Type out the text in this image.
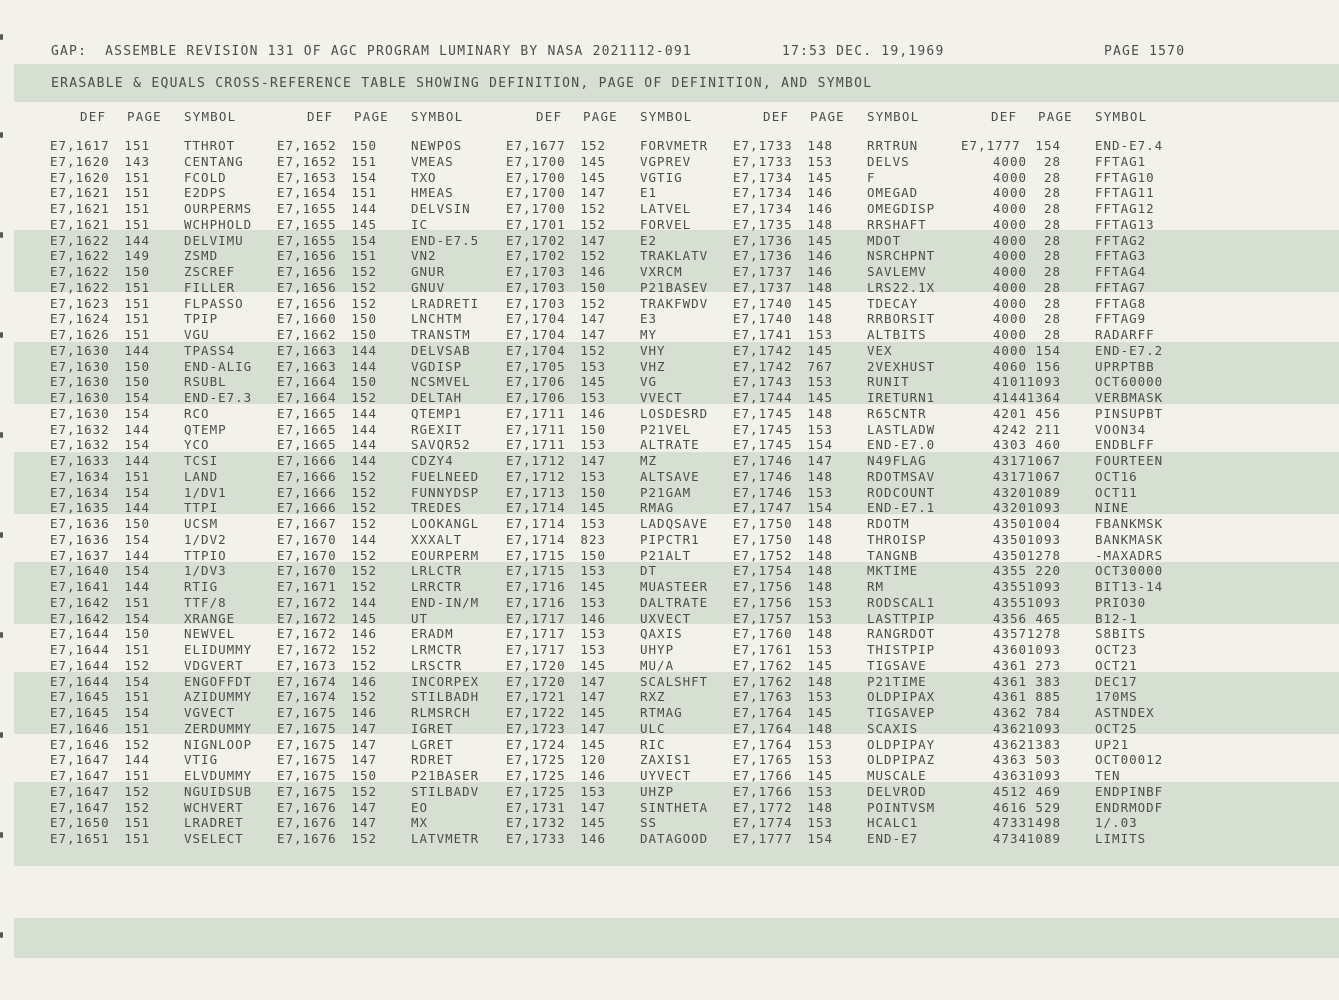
GAP:  ASSEMBLE REVISION 131 OF AGC PROGRAM LUMINARY BY NASA 2021112-091	17:53 DEC. 19,1969	PAGE 1570
ERASABLE & EQUALS CROSS-REFERENCE TABLE SHOWING DEFINITION, PAGE OF DEFINITION, AND SYMBOL
DEF PAGE SYMBOL
E7,1617	151	TTHROT
E7,1620	143	CENTANG
E7,1620	151	FCOLD
E7,1621	151	E2DPS
E7,1621	151	OURPERMS
E7,1621	151	WCHPHOLD
E7,1622	144	DELVIMU
E7,1622	149	ZSMD
E7,1622	150	ZSCREF
E7,1622	151	FILLER
E7,1623	151	FLPASSO
E7,1624	151	TPIP
E7,1626	151	VGU
E7,1630	144	TPASS4
E7,1630	150	END-ALIG
E7,1630	150	RSUBL
E7,1630	154	END-E7.3
E7,1630	154	RCO
E7,1632	144	QTEMP
E7,1632	154	YCO
E7,1633	144	TCSI
E7,1634	151	LAND
E7,1634	154	1/DV1
E7,1635	144	TTPI
E7,1636	150	UCSM
E7,1636	154	1/DV2
E7,1637	144	TTPIO
E7,1640	154	1/DV3
E7,1641	144	RTIG
E7,1642	151	TTF/8
E7,1642	154	XRANGE
E7,1644	150	NEWVEL
E7,1644	151	ELIDUMMY
E7,1644	152	VDGVERT
E7,1644	154	ENGOFFDT
E7,1645	151	AZIDUMMY
E7,1645	154	VGVECT
E7,1646	151	ZERDUMMY
E7,1646	152	NIGNLOOP
E7,1647	144	VTIG
E7,1647	151	ELVDUMMY
E7,1647	152	NGUIDSUB
E7,1647	152	WCHVERT
E7,1650	151	LRADRET
E7,1651	151	VSELECT
DEF PAGE SYMBOL
E7,1652	150	NEWPOS
E7,1652	151	VMEAS
E7,1653	154	TXO
E7,1654	151	HMEAS
E7,1655	144	DELVSIN
E7,1655	145	IC
E7,1655	154	END-E7.5
E7,1656	151	VN2
E7,1656	152	GNUR
E7,1656	152	GNUV
E7,1656	152	LRADRETI
E7,1660	150	LNCHTM
E7,1662	150	TRANSTM
E7,1663	144	DELVSAB
E7,1663	144	VGDISP
E7,1664	150	NCSMVEL
E7,1664	152	DELTAH
E7,1665	144	QTEMP1
E7,1665	144	RGEXIT
E7,1665	144	SAVQR52
E7,1666	144	CDZY4
E7,1666	152	FUELNEED
E7,1666	152	FUNNYDSP
E7,1666	152	TREDES
E7,1667	152	LOOKANGL
E7,1670	144	XXXALT
E7,1670	152	EOURPERM
E7,1670	152	LRLCTR
E7,1671	152	LRRCTR
E7,1672	144	END-IN/M
E7,1672	145	UT
E7,1672	146	ERADM
E7,1672	152	LRMCTR
E7,1673	152	LRSCTR
E7,1674	146	INCORPEX
E7,1674	152	STILBADH
E7,1675	146	RLMSRCH
E7,1675	147	IGRET
E7,1675	147	LGRET
E7,1675	147	RDRET
E7,1675	150	P21BASER
E7,1675	152	STILBADV
E7,1676	147	EO
E7,1676	147	MX
E7,1676	152	LATVMETR
DEF PAGE SYMBOL
E7,1677	152	FORVMETR
E7,1700	145	VGPREV
E7,1700	145	VGTIG
E7,1700	147	E1
E7,1700	152	LATVEL
E7,1701	152	FORVEL
E7,1702	147	E2
E7,1702	152	TRAKLATV
E7,1703	146	VXRCM
E7,1703	150	P21BASEV
E7,1703	152	TRAKFWDV
E7,1704	147	E3
E7,1704	147	MY
E7,1704	152	VHY
E7,1705	153	VHZ
E7,1706	145	VG
E7,1706	153	VVECT
E7,1711	146	LOSDESRD
E7,1711	150	P21VEL
E7,1711	153	ALTRATE
E7,1712	147	MZ
E7,1712	153	ALTSAVE
E7,1713	150	P21GAM
E7,1714	145	RMAG
E7,1714	153	LADQSAVE
E7,1714	823	PIPCTR1
E7,1715	150	P21ALT
E7,1715	153	DT
E7,1716	145	MUASTEER
E7,1716	153	DALTRATE
E7,1717	146	UXVECT
E7,1717	153	QAXIS
E7,1717	153	UHYP
E7,1720	145	MU/A
E7,1720	147	SCALSHFT
E7,1721	147	RXZ
E7,1722	145	RTMAG
E7,1723	147	ULC
E7,1724	145	RIC
E7,1725	120	ZAXIS1
E7,1725	146	UYVECT
E7,1725	153	UHZP
E7,1731	147	SINTHETA
E7,1732	145	SS
E7,1733	146	DATAGOOD
DEF PAGE SYMBOL
E7,1733	148	RRTRUN
E7,1733	153	DELVS
E7,1734	145	F
E7,1734	146	OMEGAD
E7,1734	146	OMEGDISP
E7,1735	148	RRSHAFT
E7,1736	145	MDOT
E7,1736	146	NSRCHPNT
E7,1737	146	SAVLEMV
E7,1737	148	LRS22.1X
E7,1740	145	TDECAY
E7,1740	148	RRBORSIT
E7,1741	153	ALTBITS
E7,1742	145	VEX
E7,1742	767	2VEXHUST
E7,1743	153	RUNIT
E7,1744	145	IRETURN1
E7,1745	148	R65CNTR
E7,1745	153	LASTLADW
E7,1745	154	END-E7.0
E7,1746	147	N49FLAG
E7,1746	148	RDOTMSAV
E7,1746	153	RODCOUNT
E7,1747	154	END-E7.1
E7,1750	148	RDOTM
E7,1750	148	THROISP
E7,1752	148	TANGNB
E7,1754	148	MKTIME
E7,1756	148	RM
E7,1756	153	RODSCAL1
E7,1757	153	LASTTPIP
E7,1760	148	RANGRDOT
E7,1761	153	THISTPIP
E7,1762	145	TIGSAVE
E7,1762	148	P21TIME
E7,1763	153	OLDPIPAX
E7,1764	145	TIGSAVEP
E7,1764	148	SCAXIS
E7,1764	153	OLDPIPAY
E7,1765	153	OLDPIPAZ
E7,1766	145	MUSCALE
E7,1766	153	DELVROD
E7,1772	148	POINTVSM
E7,1774	153	HCALC1
E7,1777	154	END-E7
DEF PAGE SYMBOL
E7,1777	154	END-E7.4
4000	28	FFTAG1
4000	28	FFTAG10
4000	28	FFTAG11
4000	28	FFTAG12
4000	28	FFTAG13
4000	28	FFTAG2
4000	28	FFTAG3
4000	28	FFTAG4
4000	28	FFTAG7
4000	28	FFTAG8
4000	28	FFTAG9
4000	28	RADARFF
4000 154	END-E7.2
4060 156	UPRPTBB
4101 1093	OCT60000
4144 1364	VERBMASK
4201 456	PINSUPBT
4242 211	VOON34
4303 460	ENDBLFF
4317 1067	FOURTEEN
4317 1067	OCT16
4320 1089	OCT11
4320 1093	NINE
4350 1004	FBANKMSK
4350 1093	BANKMASK
4350 1278	-MAXADRS
4355 220	OCT30000
4355 1093	BIT13-14
4355 1093	PRIO30
4356 465	B12-1
4357 1278	S8BITS
4360 1093	OCT23
4361 273	OCT21
4361 383	DEC17
4361 885	170MS
4362 784	ASTNDEX
4362 1093	OCT25
4362 1383	UP21
4363 503	OCT00012
4363 1093	TEN
4512 469	ENDPINBF
4616 529	ENDRMODF
4733 1498	1/.03
4734 1089	LIMITS
